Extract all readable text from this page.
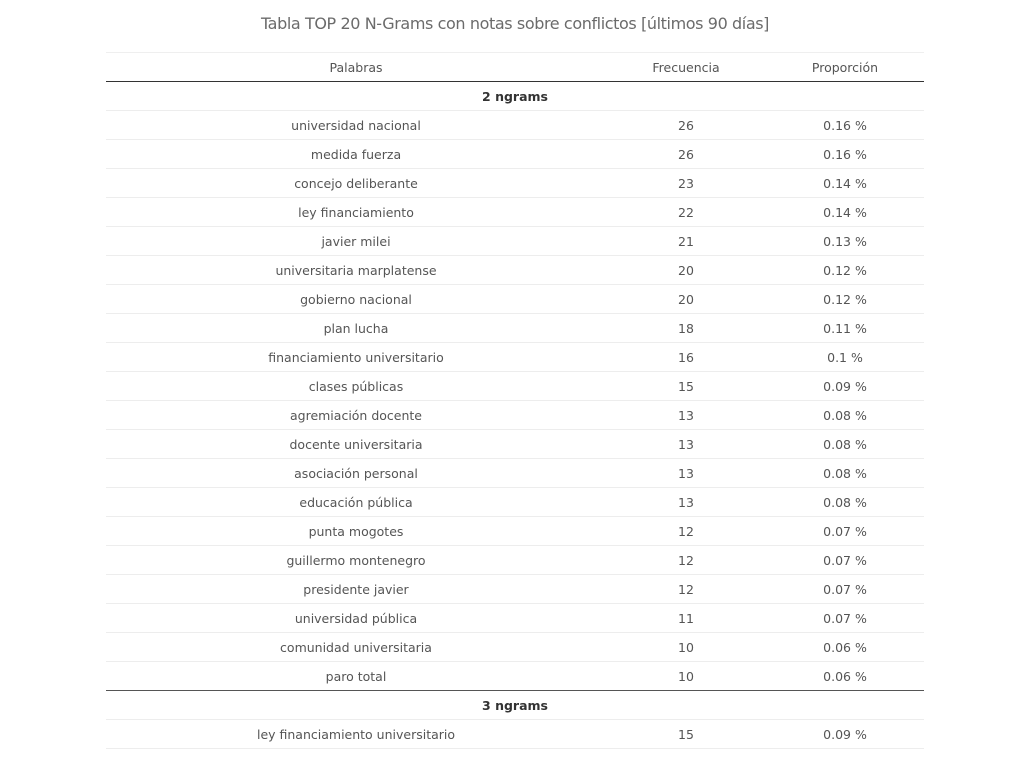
Tabla TOP 20 N-Grams con notas sobre conflictos [últimos 90 días]
Palabras	Frecuencia	Proporción
2 ngrams		
universidad nacional	26	0.16 %
medida fuerza	26	0.16 %
concejo deliberante	23	0.14 %
ley financiamiento	22	0.14 %
javier milei	21	0.13 %
universitaria marplatense	20	0.12 %
gobierno nacional	20	0.12 %
plan lucha	18	0.11 %
financiamiento universitario	16	0.1 %
clases públicas	15	0.09 %
agremiación docente	13	0.08 %
docente universitaria	13	0.08 %
asociación personal	13	0.08 %
educación pública	13	0.08 %
punta mogotes	12	0.07 %
guillermo montenegro	12	0.07 %
presidente javier	12	0.07 %
universidad pública	11	0.07 %
comunidad universitaria	10	0.06 %
paro total	10	0.06 %
3 ngrams		
ley financiamiento universitario	15	0.09 %
